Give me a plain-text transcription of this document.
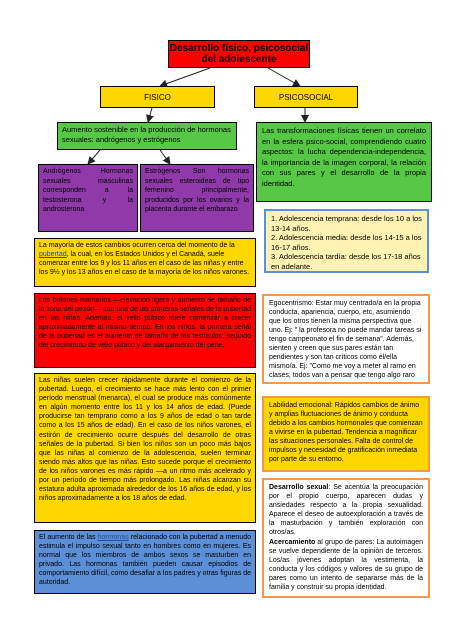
Desarrollo físico, psicosocial del adolescente
FISICO	PSICOSOCIAL
Aumento sostenible en la producción de hormonas sexuales: andrógenos y estrógenos
Andrógenos Hormonas sexuales masculinas corresponden a la testosterona y la androsterona
Estrógenos Son hormonas sexuales esteroideas de tipo femenino principalmente, producidos por los ovarios y la placenta durante el embarazo
La mayoría de estos cambios ocurren cerca del momento de la pubertad, la cual, en los Estados Unidos y el Canadá, suele comenzar entre los 9 y los 11 años en el caso de las niñas y entre los 9½ y los 13 años en el caso de la mayoría de los niños varones.
Los botones mamarios —elevación ligera y aumento de tamaño de la zona del pezón— son una de las primeras señales de la pubertad en las niñas. Además, el vello púbico suele comenzar a crecer aproximadamente al mismo tiempo. En los niños, la primera señal de la pubertad es el aumento de tamaño de los testículos, seguido del crecimiento de vello púbico y del alargamiento del pene.
Las niñas suelen crecer rápidamente durante el comienzo de la pubertad. Luego, el crecimiento se hace más lento con el primer período menstrual (menarca), el cual se produce más comúnmente en algún momento entre los 11 y los 14 años de edad. (Puede producirse tan temprano como a los 9 años de edad o tan tarde como a los 15 años de edad). En el caso de los niños varones, el estirón de crecimiento ocurre después del desarrollo de otras señales de la pubertad. Si bien los niños son un poco más bajos que las niñas al comienzo de la adolescencia, suelen terminar siendo más altos que las niñas. Esto sucede porque el crecimiento de los niños varones es más rápido —a un ritmo más acelerado y por un período de tiempo más prolongado. Las niñas alcanzan su estatura adulta aproximada alrededor de los 16 años de edad, y los niños aproximadamente a los 18 años de edad.
El aumento de las hormonas relacionado con la pubertad a menudo estimula el impulso sexual tanto en hombres como en mujeres. Es normal que los miembros de ambos sexos se masturben en privado. Las hormonas también pueden causar episodios de comportamiento difícil, como desafiar a los padres y otras figuras de autoridad.
Las transformaciones físicas tienen un correlato en la esfera psico-social, comprendiendo cuatro aspectos: la lucha dependencia-independencia, la importancia de la imagen corporal, la relación con sus pares y el desarrollo de la propia identidad.
1. Adolescencia temprana: desde los 10 a los 13-14 años.
2. Adolescencia media: desde los 14-15 a los 16-17 años.
3. Adolescencia tardía: desde los 17-18 años en adelante.
Egocentrismo: Estar muy centrado/a en la propia conducta, apariencia, cuerpo, etc, asumiendo que los otros tienen la misma perspectiva que uno. Ej: " la profesora no puede mandar tareas si tengo campeonato el fin de semana". Además, sienten y creen que sus pares están tan pendientes y son tan críticos como él/ella mismo/a. Ej: "Como me voy a meter al ramo en clases, todos van a pensar que tengo algo raro
Labilidad emocional: Rápidos cambios de ánimo y amplias fluctuaciones de ánimo y conducta debido a los cambios hormonales que comienzan a vivirse en la pubertad. Tendencia a magnificar las situaciones personales. Falta de control de impulsos y necesidad de gratificación inmediata por parte de su entorno.
Desarrollo sexual: Se acentúa la preocupación por el propio cuerpo, aparecen dudas y ansiedades respecto a la propia sexualidad. Aparece el deseo de autoexploración a través de la masturbación y también exploración con otros/as.
Acercamiento al grupo de pares: La autoimagen se vuelve dependiente de la opinión de terceros. Los/as jóvenes adoptan la vestimenta, la conducta y los códigos y valores de su grupo de pares como un intento de separarse más de la familia y construir su propia identidad.
